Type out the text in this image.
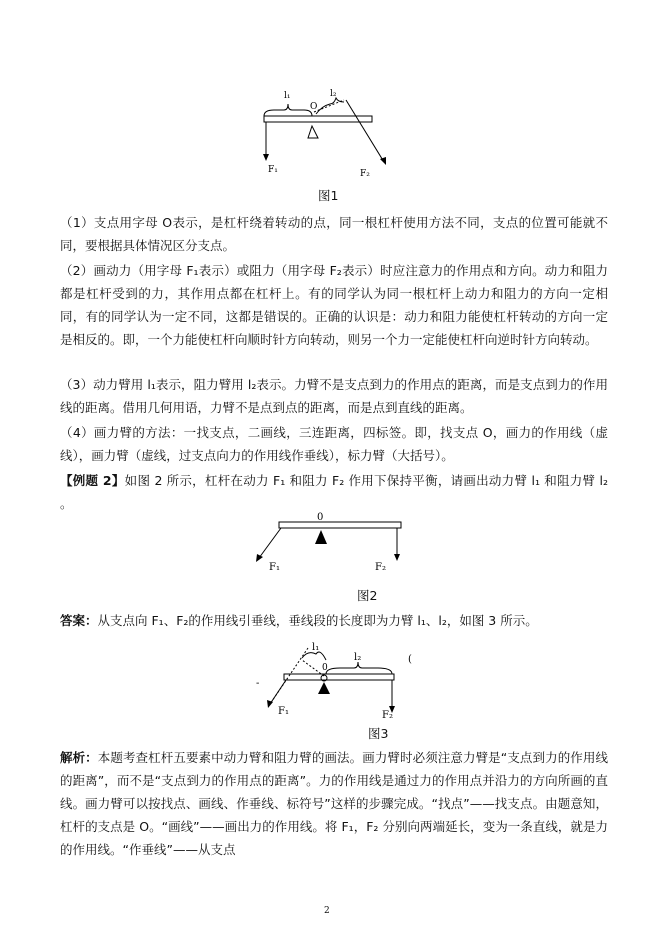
l₁	l₂
O
F₁	F₂
图1

（1）支点用字母 O表示，是杠杆绕着转动的点，同一根杠杆使用方法不同，支点的位置可能就不同，要根据具体情况区分支点。

（2）画动力（用字母 F₁表示）或阻力（用字母 F₂表示）时应注意力的作用点和方向。动力和阻力都是杠杆受到的力，其作用点都在杠杆上。有的同学认为同一根杠杆上动力和阻力的方向一定相同，有的同学认为一定不同，这都是错误的。正确的认识是：动力和阻力能使杠杆转动的方向一定是相反的。即，一个力能使杠杆向顺时针方向转动，则另一个力一定能使杠杆向逆时针方向转动。

（3）动力臂用 l₁表示，阻力臂用 l₂表示。力臂不是支点到力的作用点的距离，而是支点到力的作用线的距离。借用几何用语，力臂不是点到点的距离，而是点到直线的距离。

（4）画力臂的方法：一找支点，二画线，三连距离，四标签。即，找支点 O，画力的作用线（虚线），画力臂（虚线，过支点向力的作用线作垂线），标力臂（大括号）。

【例题 2】如图 2 所示，杠杆在动力 F₁ 和阻力 F₂ 作用下保持平衡，请画出动力臂 l₁ 和阻力臂 l₂ 。

0
F₁	F₂
图2

答案：从支点向 F₁、F₂的作用线引垂线，垂线段的长度即为力臂 l₁、l₂，如图 3 所示。

-
(
l₁
l₂
0
F₁	F₂
图3

解析：本题考查杠杆五要素中动力臂和阻力臂的画法。画力臂时必须注意力臂是“支点到力的作用线的距离”，而不是“支点到力的作用点的距离”。力的作用线是通过力的作用点并沿力的方向所画的直线。画力臂可以按找点、画线、作垂线、标符号”这样的步骤完成。“找点”——找支点。由题意知，杠杆的支点是 O。“画线”——画出力的作用线。将 F₁，F₂ 分别向两端延长，变为一条直线，就是力的作用线。“作垂线”——从支点

2
